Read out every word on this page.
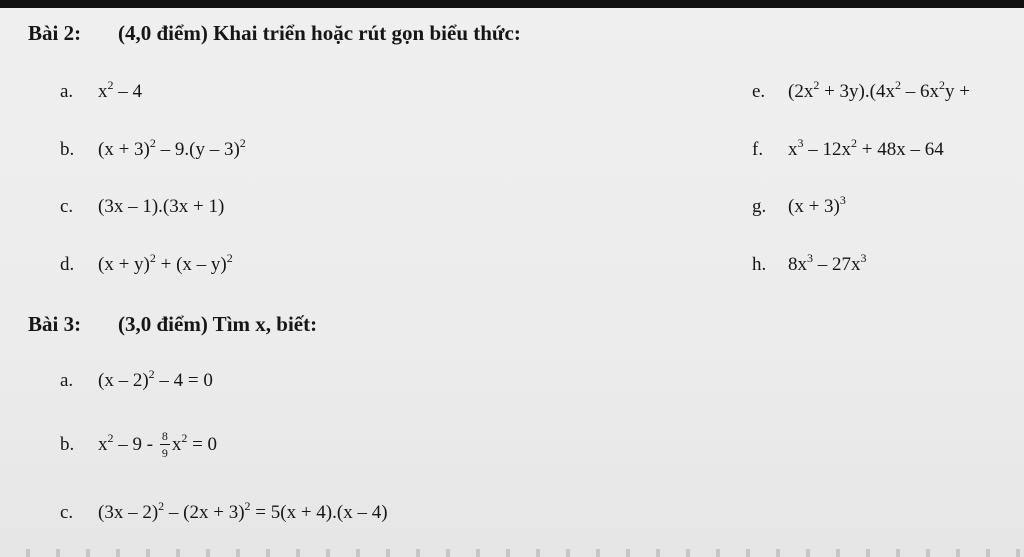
Bài 2: (4,0 điểm) Khai triển hoặc rút gọn biểu thức:
a. $x^2 - 4$
b. $(x + 3)^2 - 9.(y - 3)^2$
c. (3x – 1).(3x + 1)
d. $(x + y)^2 + (x - y)^2$
e. $(2x^2 + 3y).(4x^2 - 6x^2y$ +
f. $x^3 - 12x^2 + 48x - 64$
g. $(x + 3)^3$
h. $8x^3 - 27x^3$
Bài 3: (3,0 điểm) Tìm x, biết:
a. (x – 2)$^2$ – 4 = 0
b. $x^2 - 9 - \frac{8}{9} x^2 = 0$
c. $(3x - 2)^2 - (2x + 3)^2 = 5(x + 4).(x - 4)$
